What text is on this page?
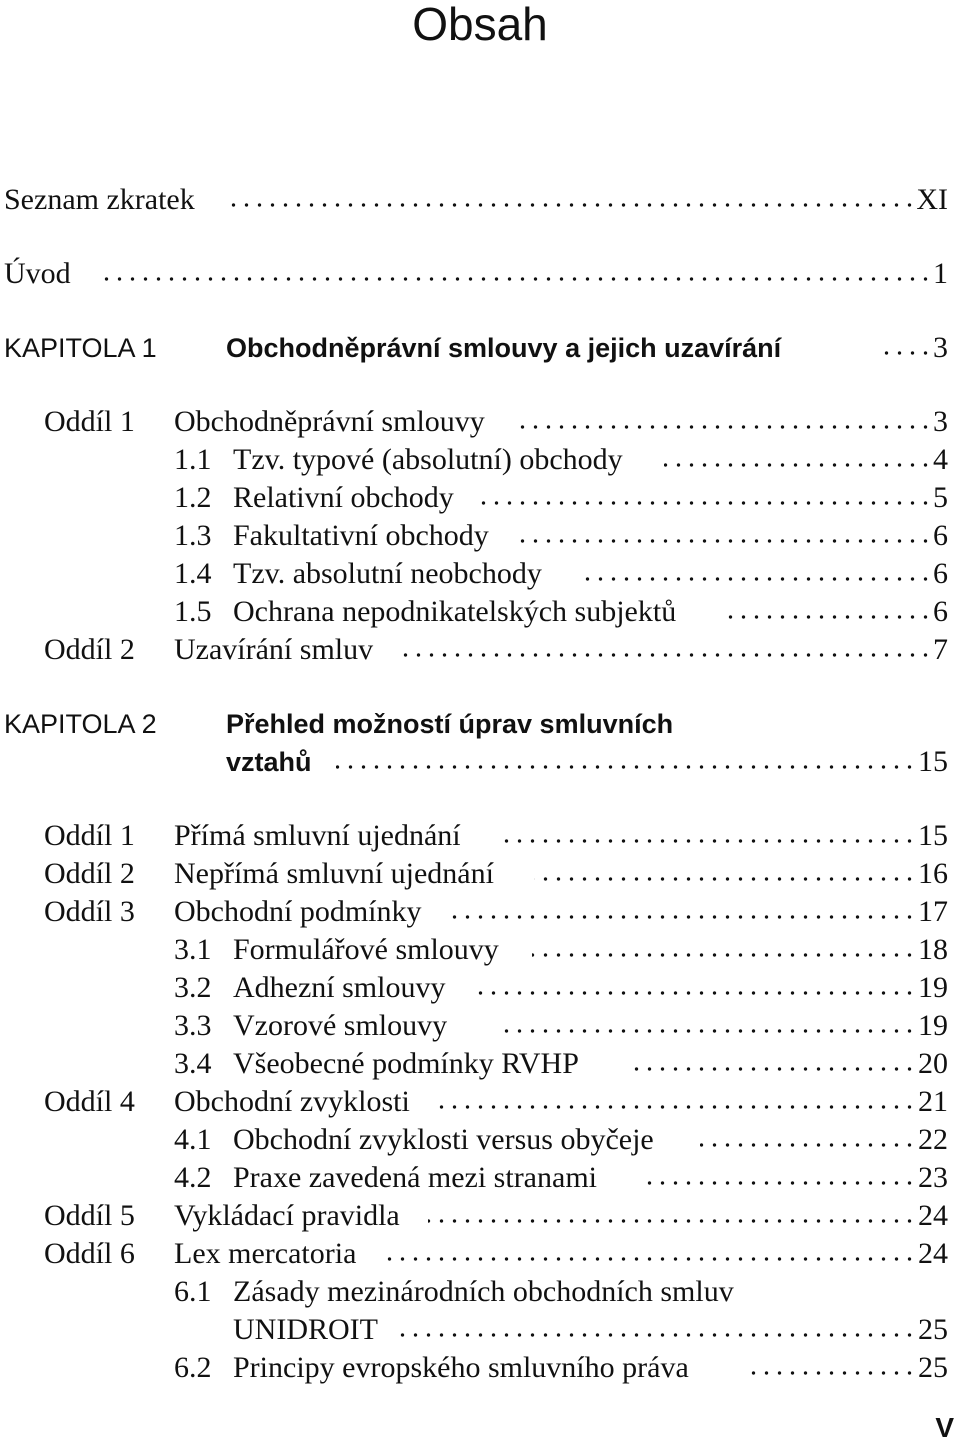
Obsah
Seznam zkratek	XI
Úvod	1
KAPITOLA 1	Obchodněprávní smlouvy a jejich uzavírání	3
Oddíl 1 Obchodněprávní smlouvy	3
1.1 Tzv. typové (absolutní) obchody	4
1.2 Relativní obchody	5
1.3 Fakultativní obchody	6
1.4 Tzv. absolutní neobchody	6
1.5 Ochrana nepodnikatelských subjektů	6
Oddíl 2 Uzavírání smluv	7
KAPITOLA 2	Přehled možností úprav smluvních
vztahů	15
Oddíl 1 Přímá smluvní ujednání	15
Oddíl 2 Nepřímá smluvní ujednání	16
Oddíl 3 Obchodní podmínky	17
3.1 Formulářové smlouvy	18
3.2 Adhezní smlouvy	19
3.3 Vzorové smlouvy	19
3.4 Všeobecné podmínky RVHP	20
Oddíl 4 Obchodní zvyklosti	21
4.1 Obchodní zvyklosti versus obyčeje	22
4.2 Praxe zavedená mezi stranami	23
Oddíl 5 Vykládací pravidla	24
Oddíl 6 Lex mercatoria	24
6.1 Zásady mezinárodních obchodních smluv
UNIDROIT	25
6.2 Principy evropského smluvního práva	25
V
